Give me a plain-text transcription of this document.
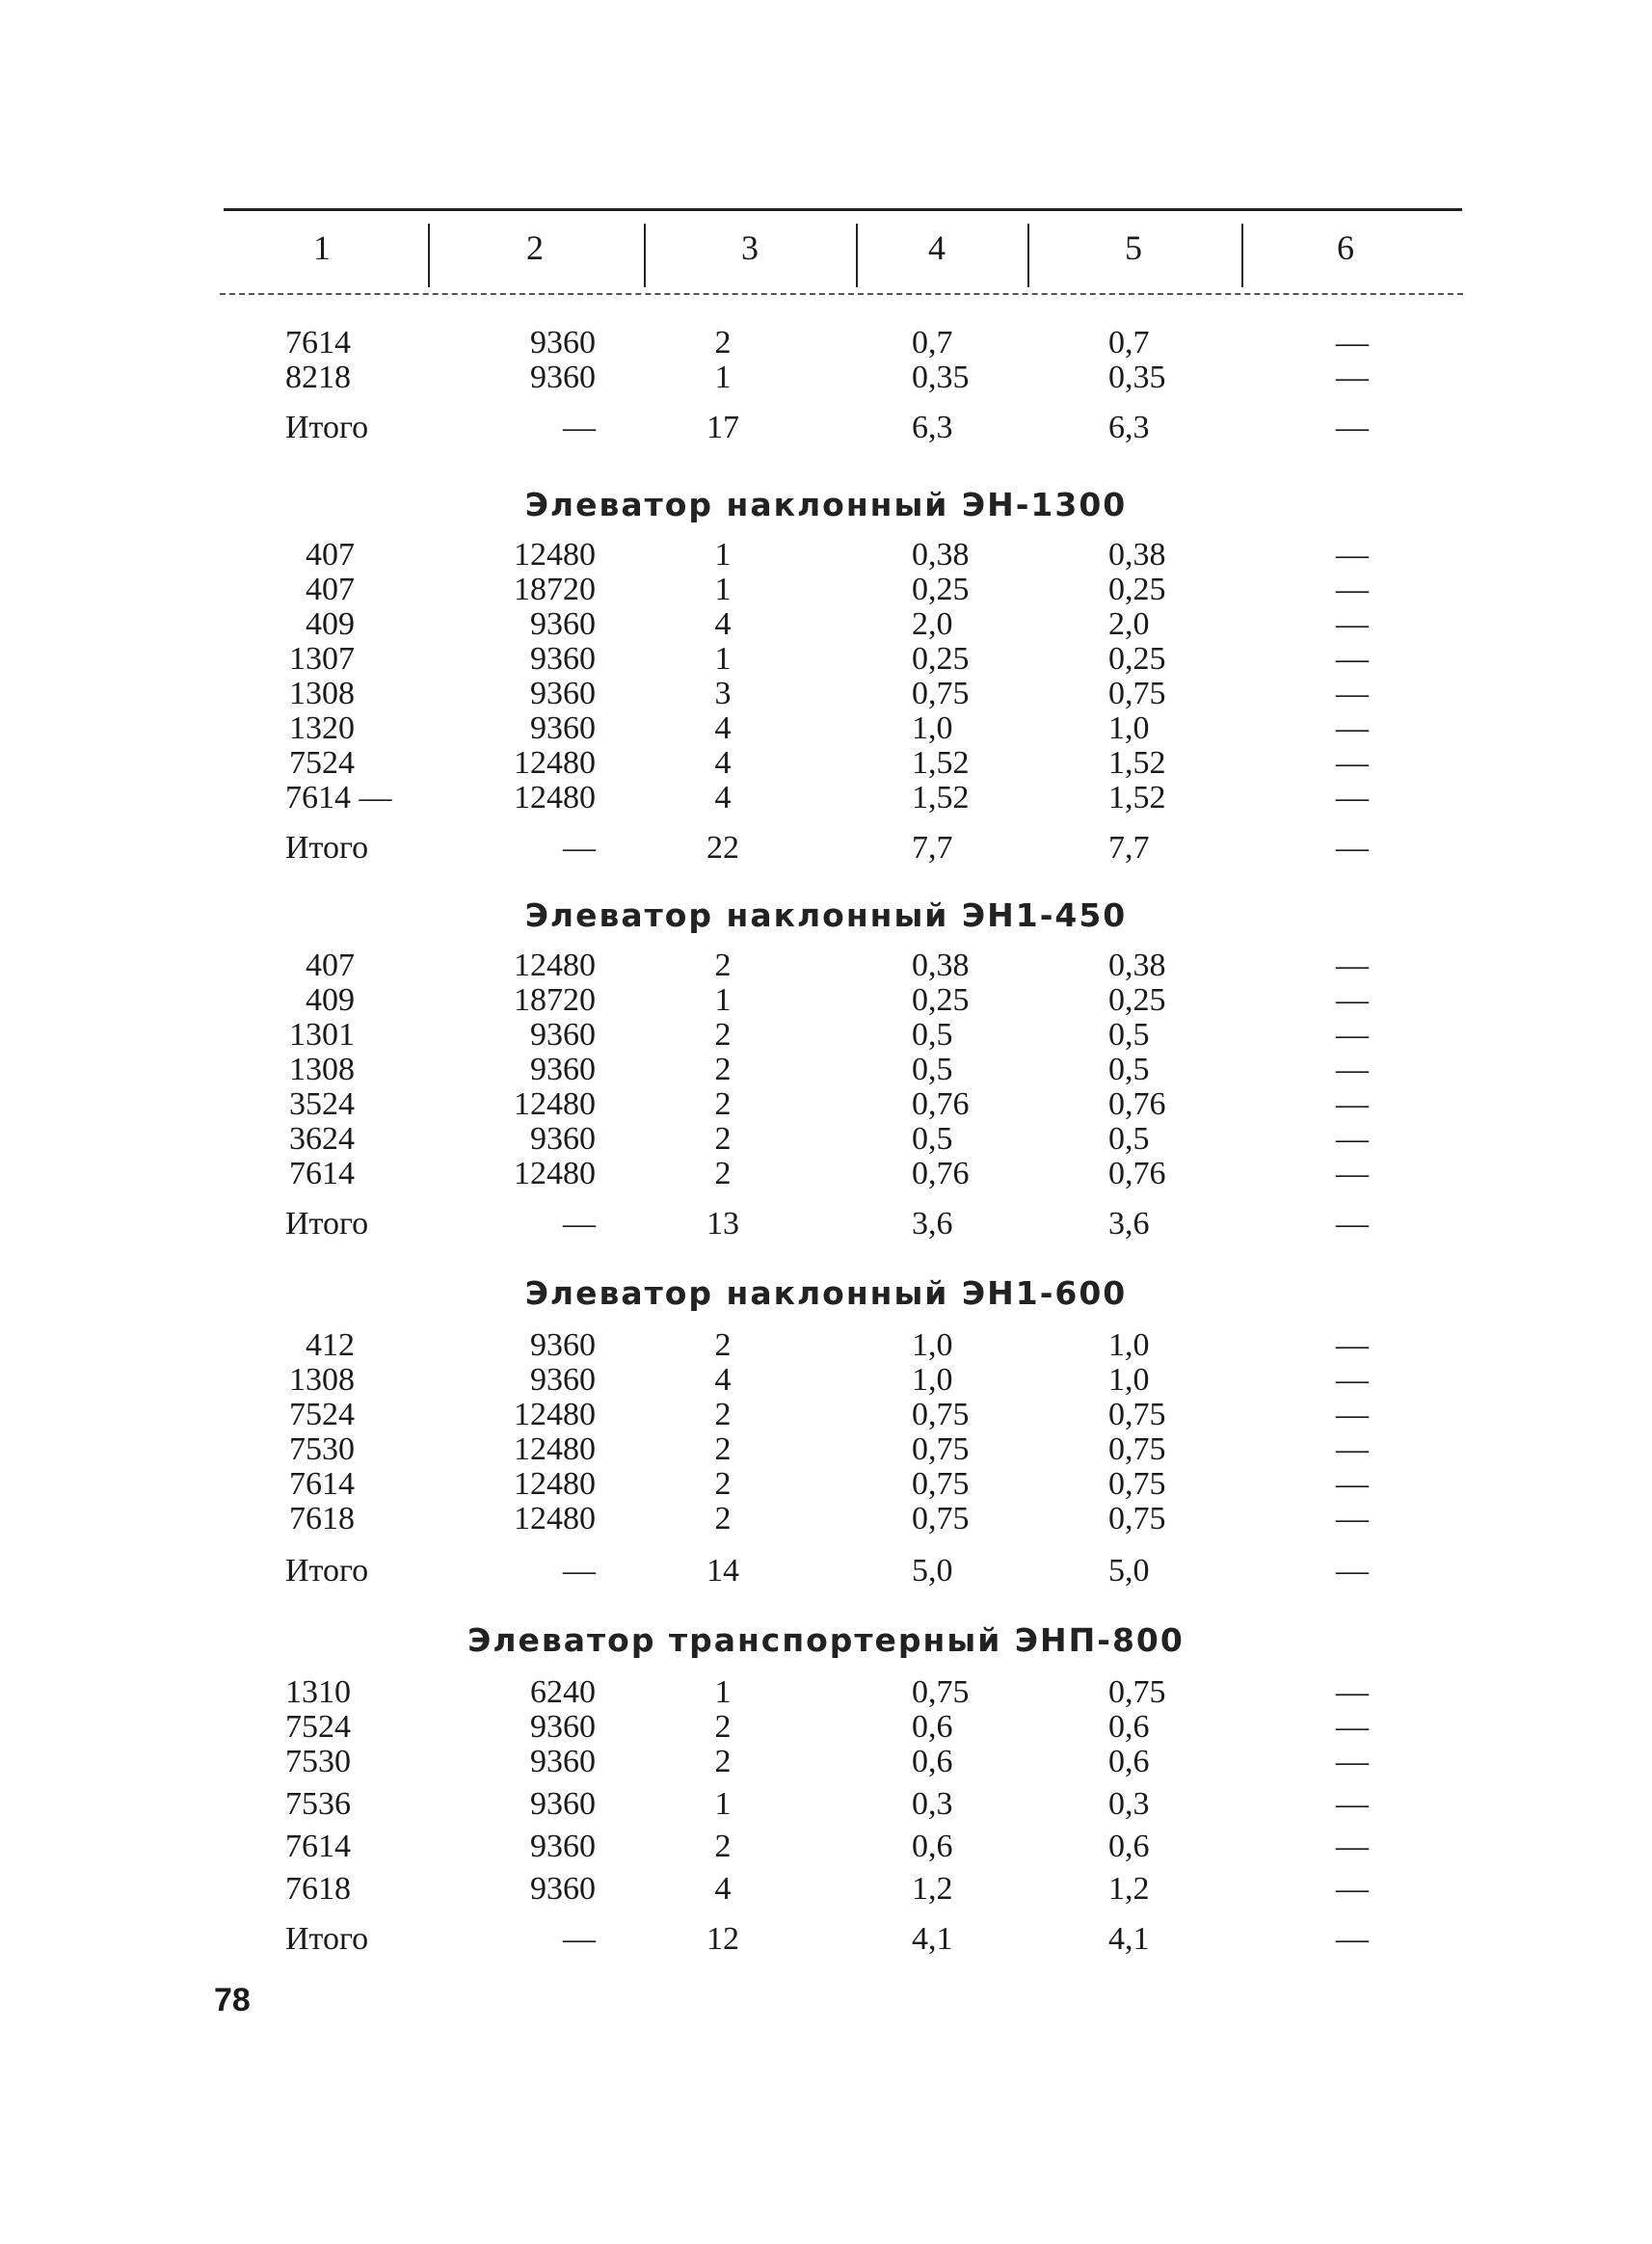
1	2	3	4	5	6
7614	9360	2	0,7	0,7	—
8218	9360	1	0,35	0,35	—
Итого	—	17	6,3	6,3	—
Элеватор наклонный ЭН-1300
407	12480	1	0,38	0,38	—
407	18720	1	0,25	0,25	—
409	9360	4	2,0	2,0	—
1307	9360	1	0,25	0,25	—
1308	9360	3	0,75	0,75	—
1320	9360	4	1,0	1,0	—
7524	12480	4	1,52	1,52	—
7614 —	12480	4	1,52	1,52	—
Итого	—	22	7,7	7,7	—
Элеватор наклонный ЭН1-450
407	12480	2	0,38	0,38	—
409	18720	1	0,25	0,25	—
1301	9360	2	0,5	0,5	—
1308	9360	2	0,5	0,5	—
3524	12480	2	0,76	0,76	—
3624	9360	2	0,5	0,5	—
7614	12480	2	0,76	0,76	—
Итого	—	13	3,6	3,6	—
Элеватор наклонный ЭН1-600
412	9360	2	1,0	1,0	—
1308	9360	4	1,0	1,0	—
7524	12480	2	0,75	0,75	—
7530	12480	2	0,75	0,75	—
7614	12480	2	0,75	0,75	—
7618	12480	2	0,75	0,75	—
Итого	—	14	5,0	5,0	—
Элеватор транспортерный ЭНП-800
1310	6240	1	0,75	0,75	—
7524	9360	2	0,6	0,6	—
7530	9360	2	0,6	0,6	—
7536	9360	1	0,3	0,3	—
7614	9360	2	0,6	0,6	—
7618	9360	4	1,2	1,2	—
Итого	—	12	4,1	4,1	—
78
